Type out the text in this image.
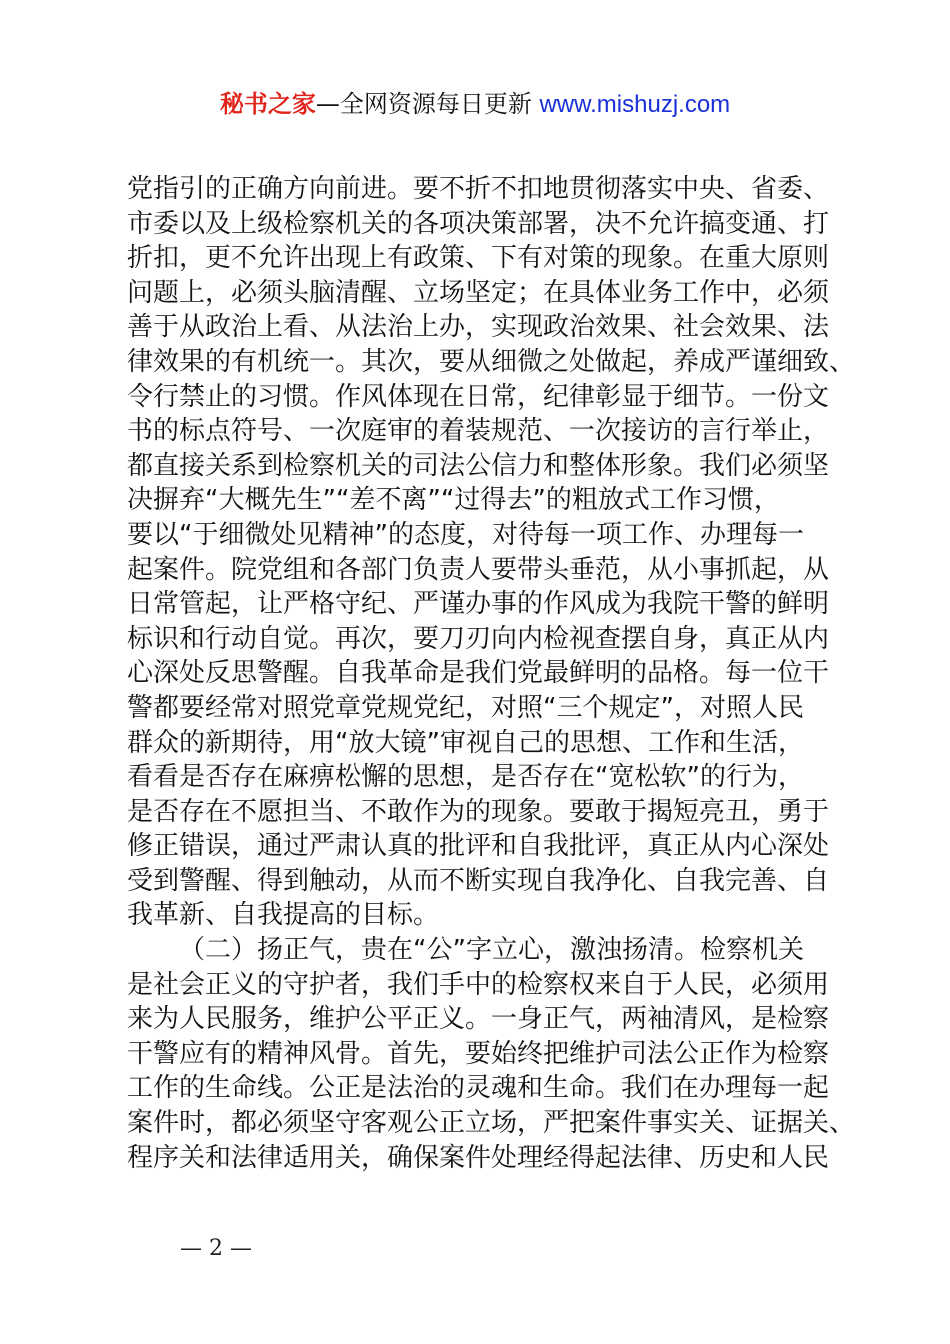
秘书之家—全网资源每日更新 www.mishuzj.com
党指引的正确方向前进。要不折不扣地贯彻落实中央、省委、
市委以及上级检察机关的各项决策部署，决不允许搞变通、打
折扣，更不允许出现上有政策、下有对策的现象。在重大原则
问题上，必须头脑清醒、立场坚定；在具体业务工作中，必须
善于从政治上看、从法治上办，实现政治效果、社会效果、法
律效果的有机统一。其次，要从细微之处做起，养成严谨细致、
令行禁止的习惯。作风体现在日常，纪律彰显于细节。一份文
书的标点符号、一次庭审的着装规范、一次接访的言行举止，
都直接关系到检察机关的司法公信力和整体形象。我们必须坚
决摒弃“大概先生”“差不离”“过得去”的粗放式工作习惯，
要以“于细微处见精神”的态度，对待每一项工作、办理每一
起案件。院党组和各部门负责人要带头垂范，从小事抓起，从
日常管起，让严格守纪、严谨办事的作风成为我院干警的鲜明
标识和行动自觉。再次，要刀刃向内检视查摆自身，真正从内
心深处反思警醒。自我革命是我们党最鲜明的品格。每一位干
警都要经常对照党章党规党纪，对照“三个规定”，对照人民
群众的新期待，用“放大镜”审视自己的思想、工作和生活，
看看是否存在麻痹松懈的思想，是否存在“宽松软”的行为，
是否存在不愿担当、不敢作为的现象。要敢于揭短亮丑，勇于
修正错误，通过严肃认真的批评和自我批评，真正从内心深处
受到警醒、得到触动，从而不断实现自我净化、自我完善、自
我革新、自我提高的目标。
（二）扬正气，贵在“公”字立心，激浊扬清。检察机关
是社会正义的守护者，我们手中的检察权来自于人民，必须用
来为人民服务，维护公平正义。一身正气，两袖清风，是检察
干警应有的精神风骨。首先，要始终把维护司法公正作为检察
工作的生命线。公正是法治的灵魂和生命。我们在办理每一起
案件时，都必须坚守客观公正立场，严把案件事实关、证据关、
程序关和法律适用关，确保案件处理经得起法律、历史和人民
— 2 —
